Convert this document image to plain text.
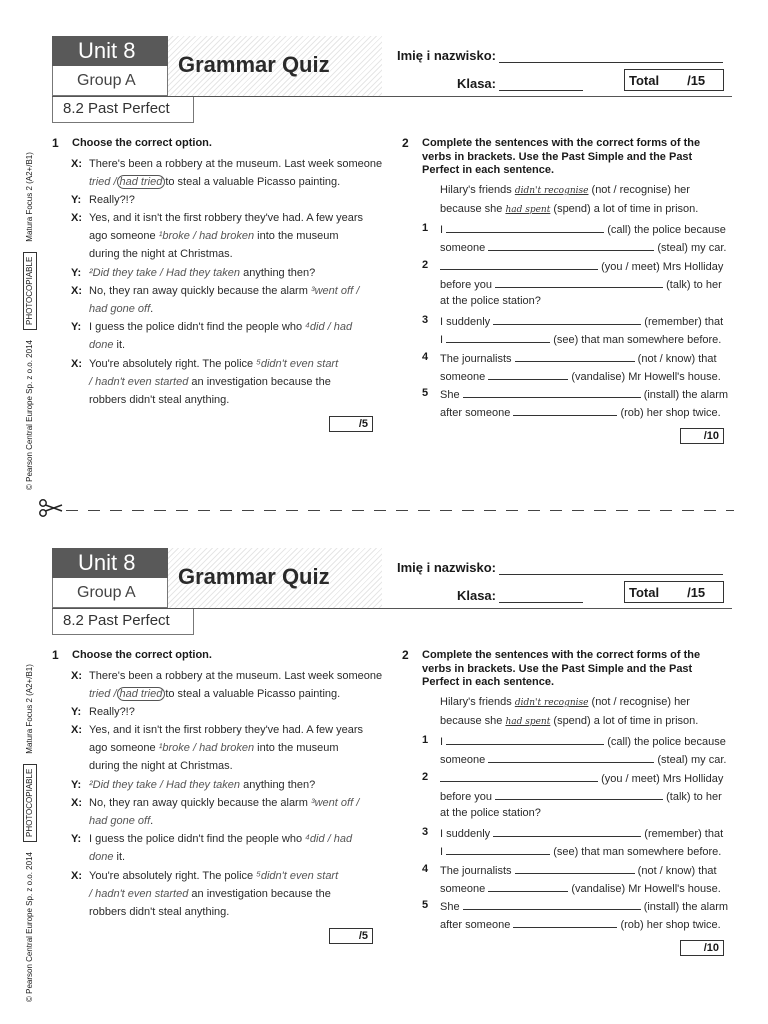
© Pearson Central Europe Sp. z o.o. 2014
PHOTOCOPIABLE
Matura Focus 2 (A2+/B1)
Unit 8
Group A
Grammar Quiz
8.2 Past Perfect
Imię i nazwisko:
Klasa:	Total /15
1 Choose the correct option.
X: There's been a robbery at the museum. Last week someone
tried / had tried to steal a valuable Picasso painting.
Y: Really?!?
X: Yes, and it isn't the first robbery they've had. A few years
ago someone ¹broke / had broken into the museum
during the night at Christmas.
Y: ²Did they take / Had they taken anything then?
X: No, they ran away quickly because the alarm ³went off /
had gone off.
Y: I guess the police didn't find the people who ⁴did / had
done it.
X: You're absolutely right. The police ⁵didn't even start
/ hadn't even started an investigation because the
robbers didn't steal anything.
/5
2 Complete the sentences with the correct forms of the verbs in brackets. Use the Past Simple and the Past Perfect in each sentence.
Hilary's friends didn't recognise (not / recognise) her
because she had spent (spend) a lot of time in prison.
1 I	(call) the police because
someone	(steal) my car.
2	(you / meet) Mrs Holliday
before you	(talk) to her
at the police station?
3 I suddenly	(remember) that
I	(see) that man somewhere before.
4 The journalists	(not / know) that
someone	(vandalise) Mr Howell's house.
5 She	(install) the alarm
after someone	(rob) her shop twice.
/10
© Pearson Central Europe Sp. z o.o. 2014
PHOTOCOPIABLE
Matura Focus 2 (A2+/B1)
Unit 8
Group A
Grammar Quiz
8.2 Past Perfect
Imię i nazwisko:
Klasa:	Total /15
1 Choose the correct option.
X: There's been a robbery at the museum. Last week someone
tried / had tried to steal a valuable Picasso painting.
Y: Really?!?
X: Yes, and it isn't the first robbery they've had. A few years
ago someone ¹broke / had broken into the museum
during the night at Christmas.
Y: ²Did they take / Had they taken anything then?
X: No, they ran away quickly because the alarm ³went off /
had gone off.
Y: I guess the police didn't find the people who ⁴did / had
done it.
X: You're absolutely right. The police ⁵didn't even start
/ hadn't even started an investigation because the
robbers didn't steal anything.
/5
2 Complete the sentences with the correct forms of the verbs in brackets. Use the Past Simple and the Past Perfect in each sentence.
Hilary's friends didn't recognise (not / recognise) her
because she had spent (spend) a lot of time in prison.
1 I	(call) the police because
someone	(steal) my car.
2	(you / meet) Mrs Holliday
before you	(talk) to her
at the police station?
3 I suddenly	(remember) that
I	(see) that man somewhere before.
4 The journalists	(not / know) that
someone	(vandalise) Mr Howell's house.
5 She	(install) the alarm
after someone	(rob) her shop twice.
/10
